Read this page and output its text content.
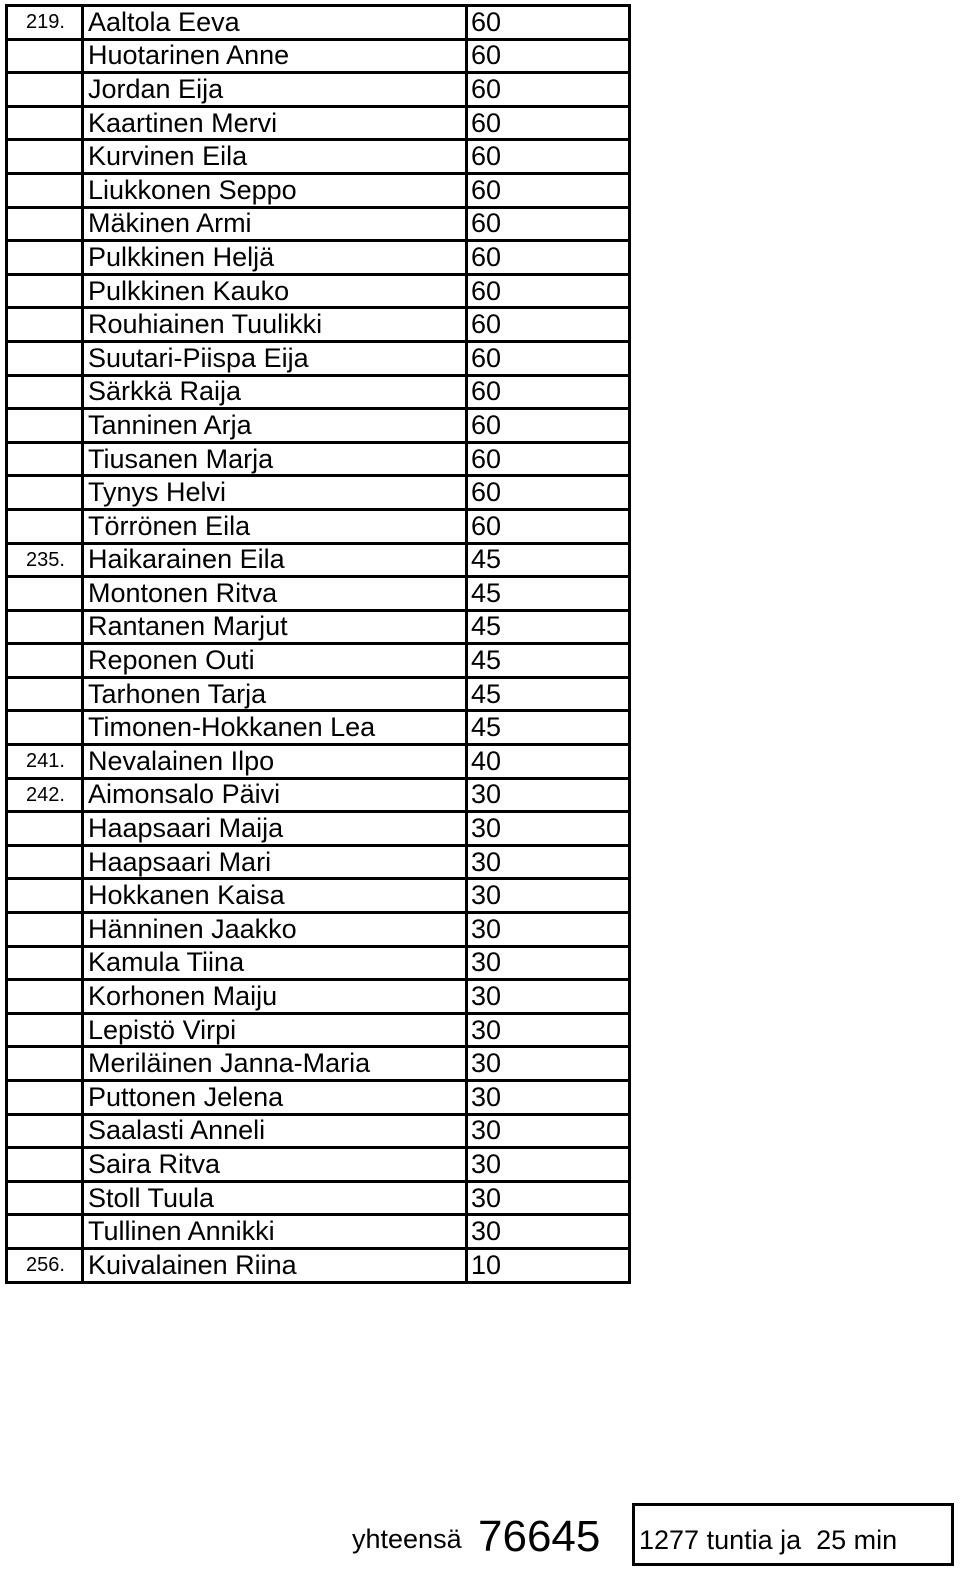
219.	Aaltola Eeva	60
	Huotarinen Anne	60
	Jordan Eija	60
	Kaartinen Mervi	60
	Kurvinen Eila	60
	Liukkonen Seppo	60
	Mäkinen Armi	60
	Pulkkinen Heljä	60
	Pulkkinen Kauko	60
	Rouhiainen Tuulikki	60
	Suutari-Piispa Eija	60
	Särkkä Raija	60
	Tanninen Arja	60
	Tiusanen Marja	60
	Tynys Helvi	60
	Törrönen Eila	60
235.	Haikarainen Eila	45
	Montonen Ritva	45
	Rantanen Marjut	45
	Reponen Outi	45
	Tarhonen Tarja	45
	Timonen-Hokkanen Lea	45
241.	Nevalainen Ilpo	40
242.	Aimonsalo Päivi	30
	Haapsaari Maija	30
	Haapsaari Mari	30
	Hokkanen Kaisa	30
	Hänninen Jaakko	30
	Kamula Tiina	30
	Korhonen Maiju	30
	Lepistö Virpi	30
	Meriläinen Janna-Maria	30
	Puttonen Jelena	30
	Saalasti Anneli	30
	Saira Ritva	30
	Stoll Tuula	30
	Tullinen Annikki	30
256.	Kuivalainen Riina	10
yhteensä 76645 1277 tuntia ja  25 min
